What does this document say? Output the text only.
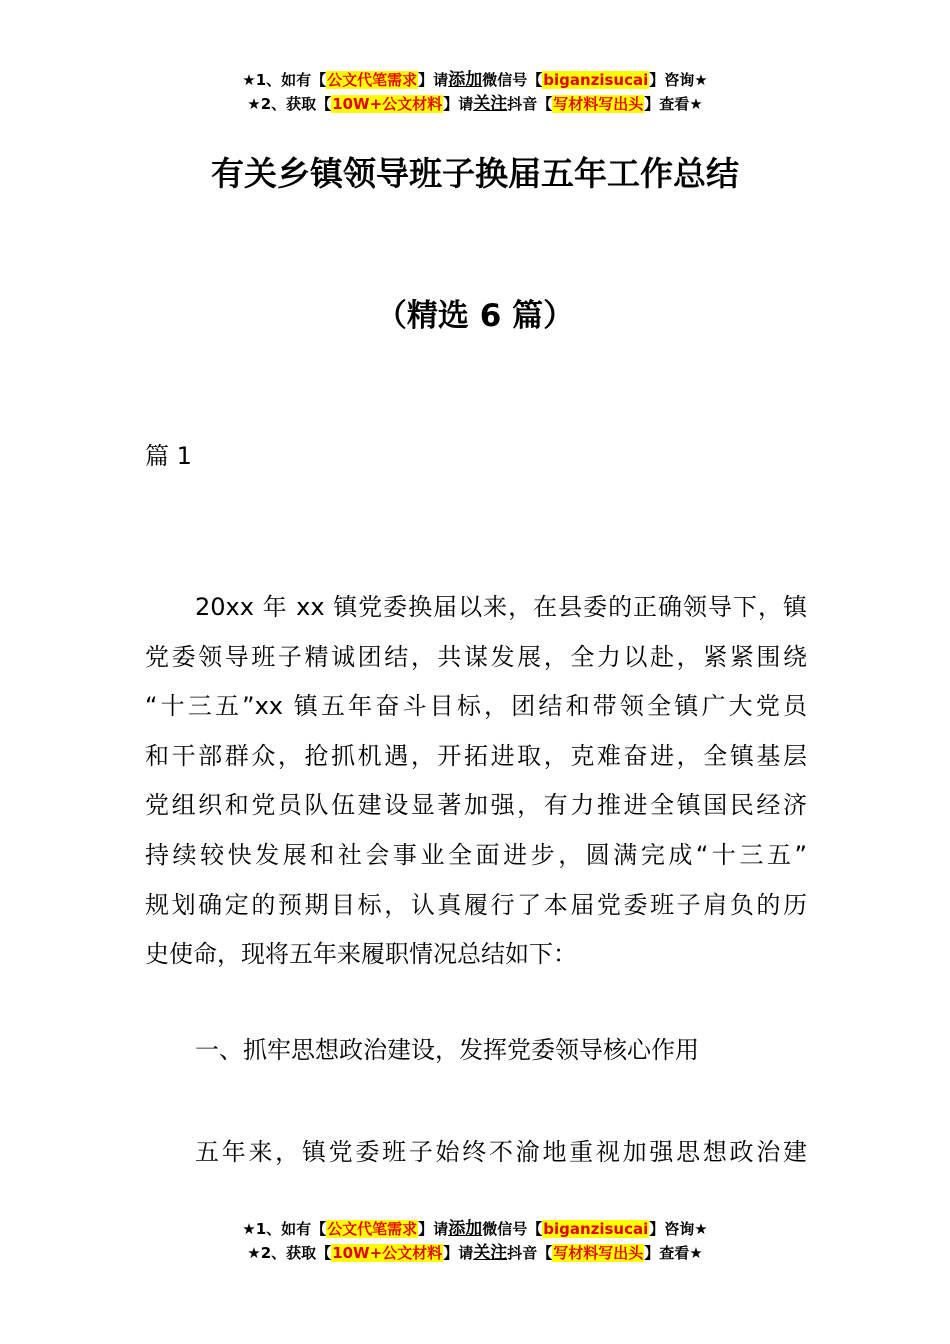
★1、如有【公文代笔需求】请添加微信号【biganzisucai】咨询★
★2、获取【10W+公文材料】请关注抖音【写材料写出头】查看★
有关乡镇领导班子换届五年工作总结
（精选 6 篇）
篇 1
20xx 年 xx 镇党委换届以来，在县委的正确领导下，镇
党委领导班子精诚团结，共谋发展，全力以赴，紧紧围绕
“十三五”xx 镇五年奋斗目标，团结和带领全镇广大党员
和干部群众，抢抓机遇，开拓进取，克难奋进，全镇基层
党组织和党员队伍建设显著加强，有力推进全镇国民经济
持续较快发展和社会事业全面进步，圆满完成“十三五”
规划确定的预期目标，认真履行了本届党委班子肩负的历
史使命，现将五年来履职情况总结如下：
一、抓牢思想政治建设，发挥党委领导核心作用
五年来，镇党委班子始终不渝地重视加强思想政治建
★1、如有【公文代笔需求】请添加微信号【biganzisucai】咨询★
★2、获取【10W+公文材料】请关注抖音【写材料写出头】查看★
